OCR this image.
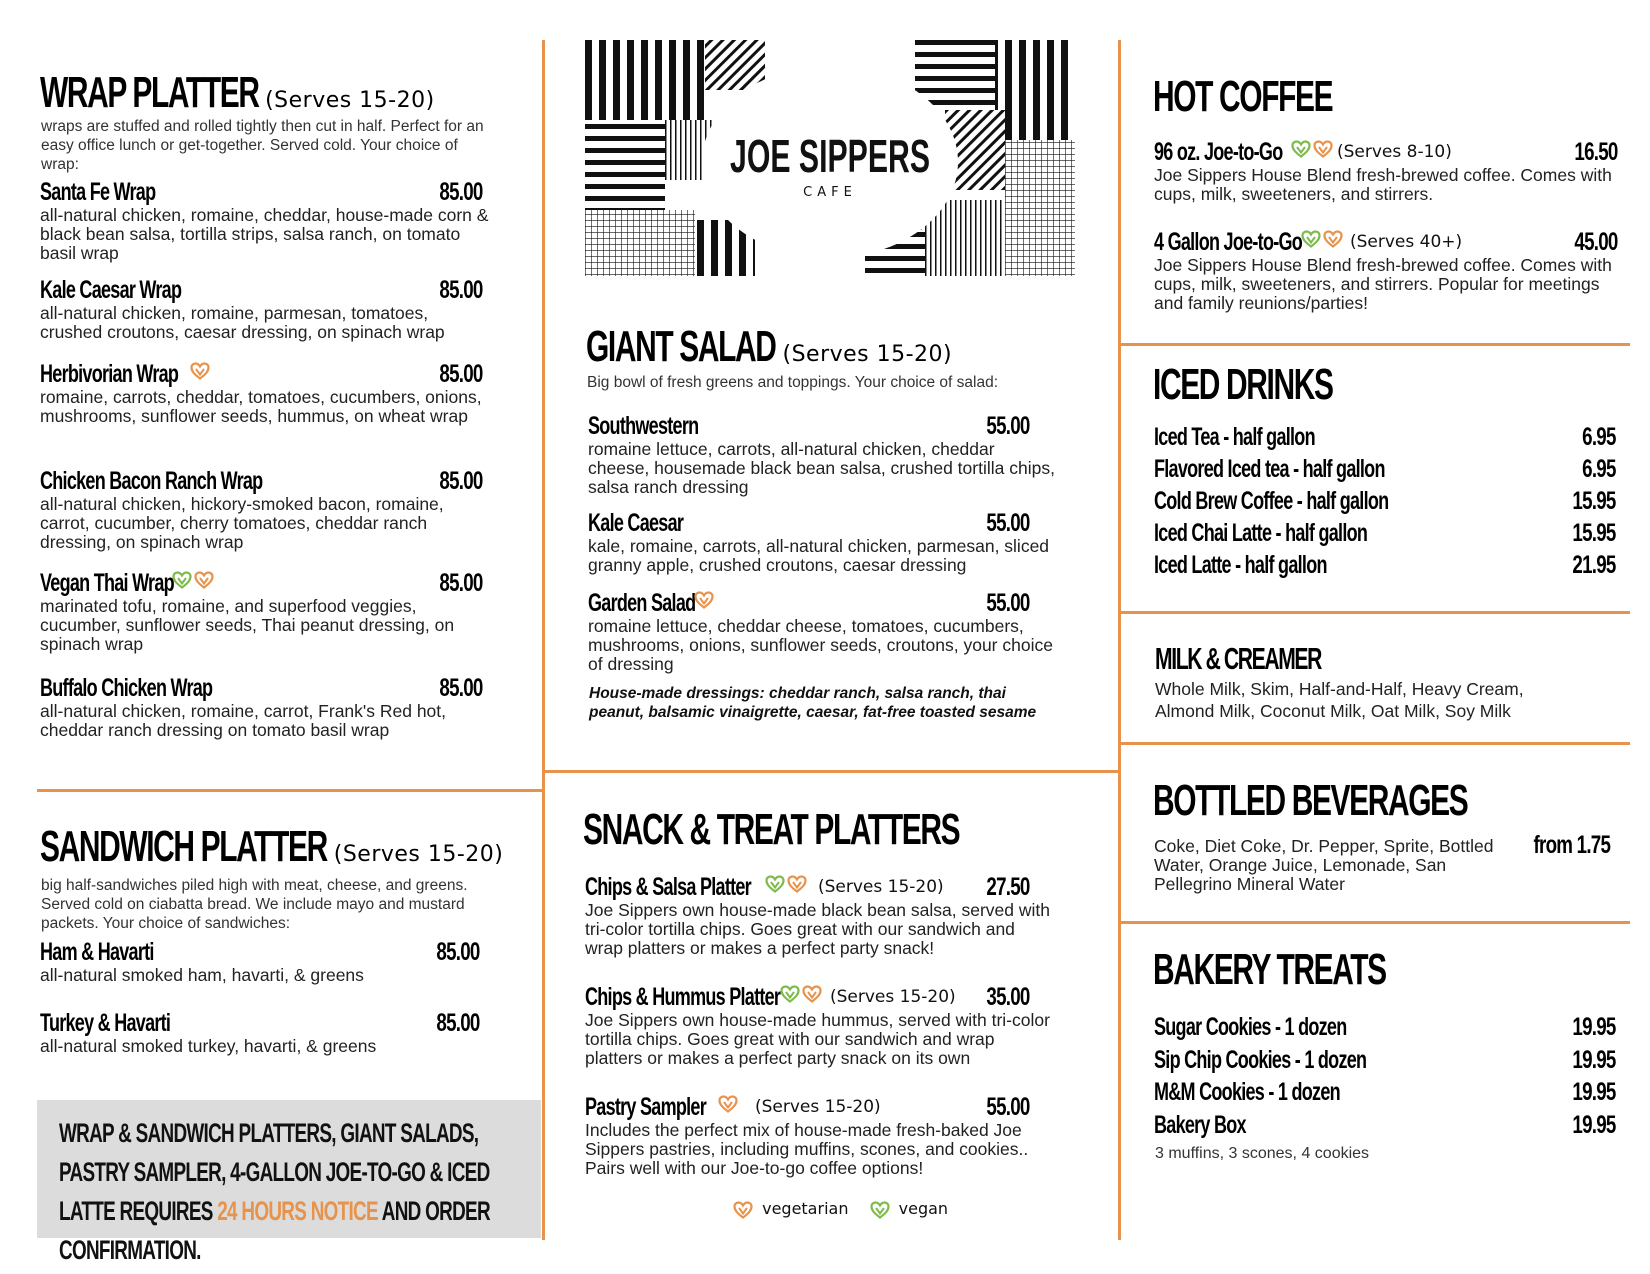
WRAP PLATTER (Serves 15-20)
wraps are stuffed and rolled tightly then cut in half. Perfect for an easy office lunch or get-together. Served cold. Your choice of wrap:
Santa Fe Wrap	85.00
all-natural chicken, romaine, cheddar, house-made corn & black bean salsa, tortilla strips, salsa ranch, on tomato basil wrap
Kale Caesar Wrap	85.00
all-natural chicken, romaine, parmesan, tomatoes, crushed croutons, caesar dressing, on spinach wrap
Herbivorian Wrap	85.00
romaine, carrots, cheddar, tomatoes, cucumbers, onions, mushrooms, sunflower seeds, hummus, on wheat wrap
Chicken Bacon Ranch Wrap	85.00
all-natural chicken, hickory-smoked bacon, romaine, carrot, cucumber, cherry tomatoes, cheddar ranch dressing, on spinach wrap
Vegan Thai Wrap	85.00
marinated tofu, romaine, and superfood veggies, cucumber, sunflower seeds, Thai peanut dressing, on spinach wrap
Buffalo Chicken Wrap	85.00
all-natural chicken, romaine, carrot, Frank's Red hot, cheddar ranch dressing on tomato basil wrap
SANDWICH PLATTER (Serves 15-20)
big half-sandwiches piled high with meat, cheese, and greens. Served cold on ciabatta bread. We include mayo and mustard packets. Your choice of sandwiches:
Ham & Havarti	85.00
all-natural smoked ham, havarti, & greens
Turkey & Havarti	85.00
all-natural smoked turkey, havarti, & greens
WRAP & SANDWICH PLATTERS, GIANT SALADS, PASTRY SAMPLER, 4-GALLON JOE-TO-GO & ICED LATTE REQUIRES 24 HOURS NOTICE AND ORDER CONFIRMATION.
JOE SIPPERS
CAFE
GIANT SALAD (Serves 15-20)
Big bowl of fresh greens and toppings. Your choice of salad:
Southwestern	55.00
romaine lettuce, carrots, all-natural chicken, cheddar cheese, housemade black bean salsa, crushed tortilla chips, salsa ranch dressing
Kale Caesar	55.00
kale, romaine, carrots, all-natural chicken, parmesan, sliced granny apple, crushed croutons, caesar dressing
Garden Salad	55.00
romaine lettuce, cheddar cheese, tomatoes, cucumbers, mushrooms, onions, sunflower seeds, croutons, your choice of dressing
House-made dressings: cheddar ranch, salsa ranch, thai peanut, balsamic vinaigrette, caesar, fat-free toasted sesame
SNACK & TREAT PLATTERS
Chips & Salsa Platter	(Serves 15-20) 27.50
Joe Sippers own house-made black bean salsa, served with tri-color tortilla chips. Goes great with our sandwich and wrap platters or makes a perfect party snack!
Chips & Hummus Platter	(Serves 15-20) 35.00
Joe Sippers own house-made hummus, served with tri-color tortilla chips. Goes great with our sandwich and wrap platters or makes a perfect party snack on its own
Pastry Sampler	(Serves 15-20)	55.00
Includes the perfect mix of house-made fresh-baked Joe Sippers pastries, including muffins, scones, and cookies.. Pairs well with our Joe-to-go coffee options!
vegetarian	vegan
HOT COFFEE
96 oz. Joe-to-Go	(Serves 8-10)	16.50
Joe Sippers House Blend fresh-brewed coffee. Comes with cups, milk, sweeteners, and stirrers.
4 Gallon Joe-to-Go	(Serves 40+)	45.00
Joe Sippers House Blend fresh-brewed coffee. Comes with cups, milk, sweeteners, and stirrers. Popular for meetings and family reunions/parties!
ICED DRINKS
Iced Tea - half gallon	6.95
Flavored Iced tea - half gallon	6.95
Cold Brew Coffee - half gallon	15.95
Iced Chai Latte - half gallon	15.95
Iced Latte - half gallon	21.95
MILK & CREAMER
Whole Milk, Skim, Half-and-Half, Heavy Cream, Almond Milk, Coconut Milk, Oat Milk, Soy Milk
BOTTLED BEVERAGES
Coke, Diet Coke, Dr. Pepper, Sprite, Bottled Water, Orange Juice, Lemonade, San Pellegrino Mineral Water
from 1.75
BAKERY TREATS
Sugar Cookies - 1 dozen	19.95
Sip Chip Cookies - 1 dozen	19.95
M&M Cookies - 1 dozen	19.95
Bakery Box	19.95
3 muffins, 3 scones, 4 cookies
